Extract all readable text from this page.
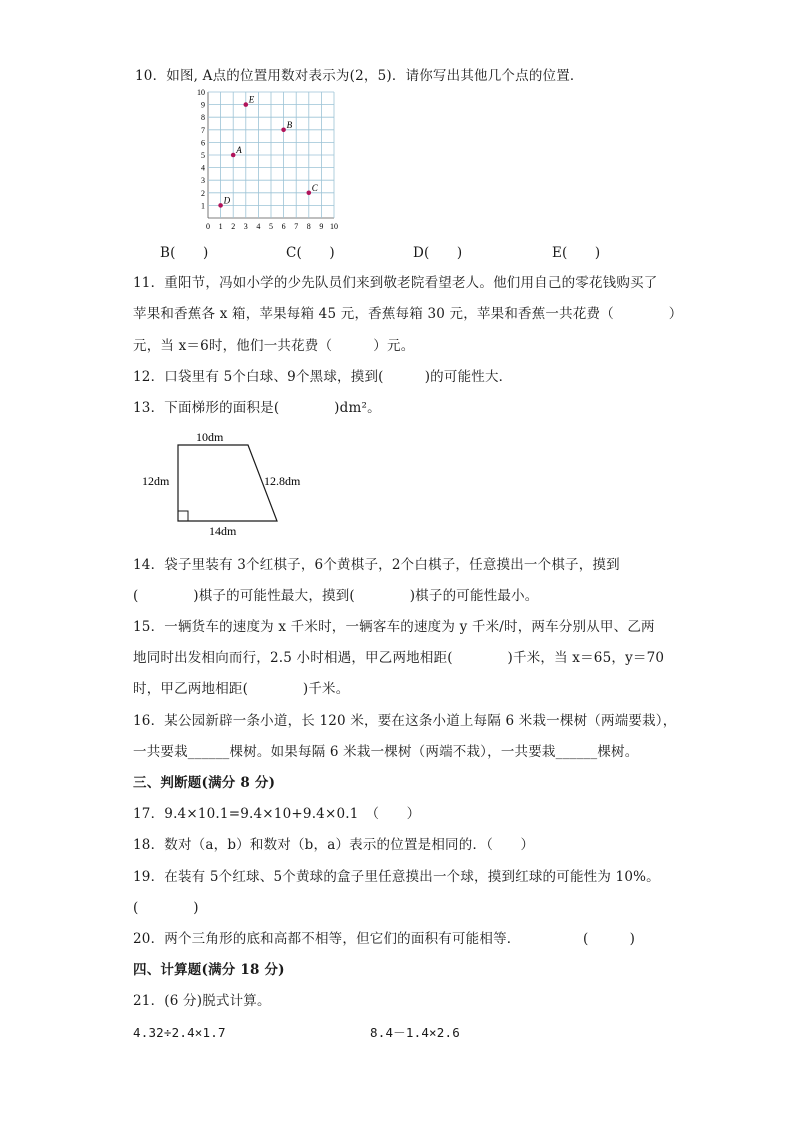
10．如图, A点的位置用数对表示为(2，5)．请你写出其他几个点的位置．
10
9
8
7
6
5
4
3
2
1
0 1 2 3 4 5 6 7 8 9 10
E
B
A
C
D
B(　　)	C(　　)	D(　　)	E(　　)
11．重阳节，冯如小学的少先队员们来到敬老院看望老人。他们用自己的零花钱购买了
苹果和香蕉各 x 箱，苹果每箱 45 元，香蕉每箱 30 元，苹果和香蕉一共花费（　　　　）
元，当 x＝6时，他们一共花费（　　　）元。
12．口袋里有 5个白球、9个黑球，摸到(　　　)的可能性大．
13．下面梯形的面积是(　　　　)dm²。
10dm
12dm	12.8dm
14dm
14．袋子里装有 3个红棋子，6个黄棋子，2个白棋子，任意摸出一个棋子，摸到
(　　　　)棋子的可能性最大，摸到(　　　　)棋子的可能性最小。
15．一辆货车的速度为 x 千米时，一辆客车的速度为 y 千米/时，两车分别从甲、乙两
地同时出发相向而行，2.5 小时相遇，甲乙两地相距(　　　　)千米，当 x＝65，y＝70
时，甲乙两地相距(　　　　)千米。
16．某公园新辟一条小道，长 120 米，要在这条小道上每隔 6 米栽一棵树（两端要栽），
一共要栽______棵树。如果每隔 6 米栽一棵树（两端不栽），一共要栽______棵树。
三、判断题(满分 8 分)
17．9.4×10.1=9.4×10+9.4×0.1　（　　）
18．数对（a，b）和数对（b，a）表示的位置是相同的．（　　）
19．在装有 5个红球、5个黄球的盒子里任意摸出一个球，摸到红球的可能性为 10%。
(　　　　)
20．两个三角形的底和高都不相等，但它们的面积有可能相等．	(　　　)
四、计算题(满分 18 分)
21．(6 分)脱式计算。
4.32÷2.4×1.7	8.4－1.4×2.6
